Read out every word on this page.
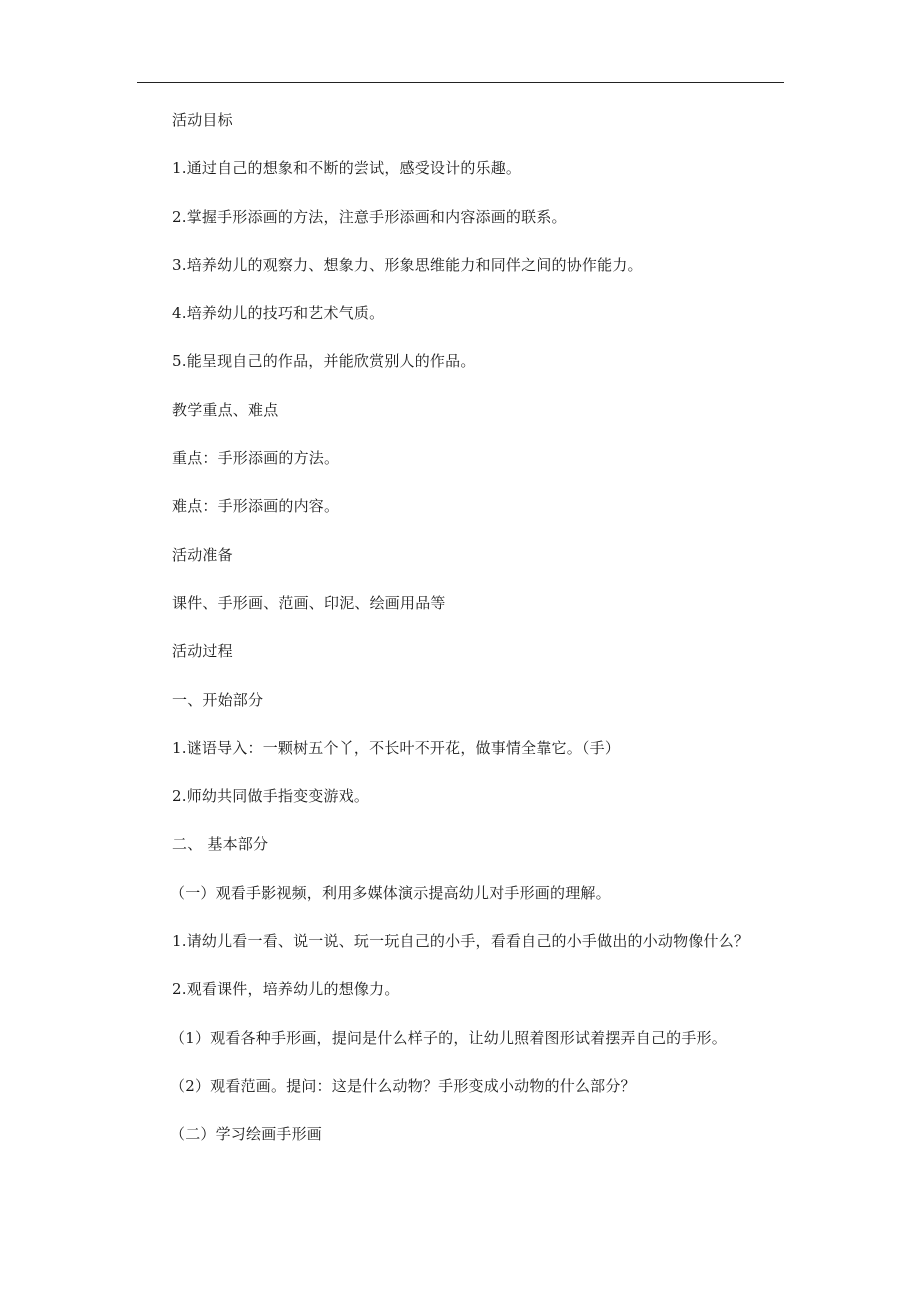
活动目标

1.通过自己的想象和不断的尝试，感受设计的乐趣。

2.掌握手形添画的方法，注意手形添画和内容添画的联系。

3.培养幼儿的观察力、想象力、形象思维能力和同伴之间的协作能力。

4.培养幼儿的技巧和艺术气质。

5.能呈现自己的作品，并能欣赏别人的作品。

教学重点、难点

重点：手形添画的方法。

难点：手形添画的内容。

活动准备

课件、手形画、范画、印泥、绘画用品等

活动过程

一、开始部分

1.谜语导入：一颗树五个丫，不长叶不开花，做事情全靠它。（手）

2.师幼共同做手指变变游戏。

二、 基本部分

（一）观看手影视频，利用多媒体演示提高幼儿对手形画的理解。

1.请幼儿看一看、说一说、玩一玩自己的小手，看看自己的小手做出的小动物像什么？

2.观看课件，培养幼儿的想像力。

（1）观看各种手形画，提问是什么样子的，让幼儿照着图形试着摆弄自己的手形。

（2）观看范画。提问：这是什么动物？手形变成小动物的什么部分？

（二）学习绘画手形画
